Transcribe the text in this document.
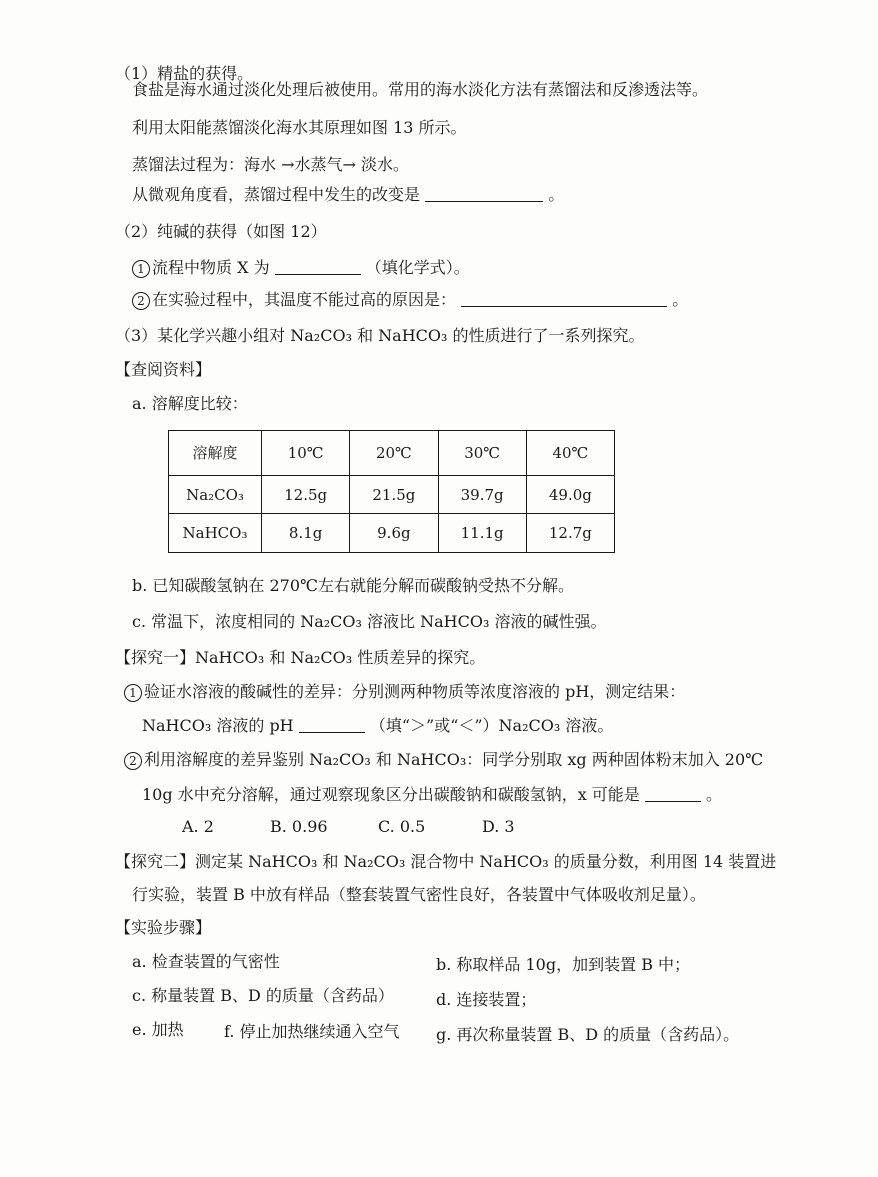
（1）精盐的获得。
食盐是海水通过淡化处理后被使用。常用的海水淡化方法有蒸馏法和反渗透法等。
利用太阳能蒸馏淡化海水其原理如图 13 所示。
蒸馏法过程为：海水 →水蒸气→ 淡水。
从微观角度看，蒸馏过程中发生的改变是	。
（2）纯碱的获得（如图 12）
1 流程中物质 X 为	（填化学式）。
2 在实验过程中，其温度不能过高的原因是：	。
（3）某化学兴趣小组对 Na₂CO₃ 和 NaHCO₃ 的性质进行了一系列探究。
【查阅资料】
a. 溶解度比较：
溶解度	10℃	20℃	30℃	40℃
Na₂CO₃	12.5g	21.5g	39.7g	49.0g
NaHCO₃	8.1g	9.6g	11.1g	12.7g
b. 已知碳酸氢钠在 270℃左右就能分解而碳酸钠受热不分解。
c. 常温下，浓度相同的 Na₂CO₃ 溶液比 NaHCO₃ 溶液的碱性强。
【探究一】NaHCO₃ 和 Na₂CO₃ 性质差异的探究。
1 验证水溶液的酸碱性的差异：分别测两种物质等浓度溶液的 pH，测定结果：
NaHCO₃ 溶液的 pH	（填“＞”或“＜”）Na₂CO₃ 溶液。
2 利用溶解度的差异鉴别 Na₂CO₃ 和 NaHCO₃：同学分别取 xg 两种固体粉末加入 20℃
10g 水中充分溶解，通过观察现象区分出碳酸钠和碳酸氢钠，x 可能是	。
A. 2	B. 0.96	C. 0.5	D. 3
【探究二】测定某 NaHCO₃ 和 Na₂CO₃ 混合物中 NaHCO₃ 的质量分数，利用图 14 装置进
行实验，装置 B 中放有样品（整套装置气密性良好，各装置中气体吸收剂足量）。
【实验步骤】
a. 检查装置的气密性	b. 称取样品 10g，加到装置 B 中；
c. 称量装置 B、D 的质量（含药品）	d. 连接装置；
e. 加热	f. 停止加热继续通入空气 g. 再次称量装置 B、D 的质量（含药品）。
